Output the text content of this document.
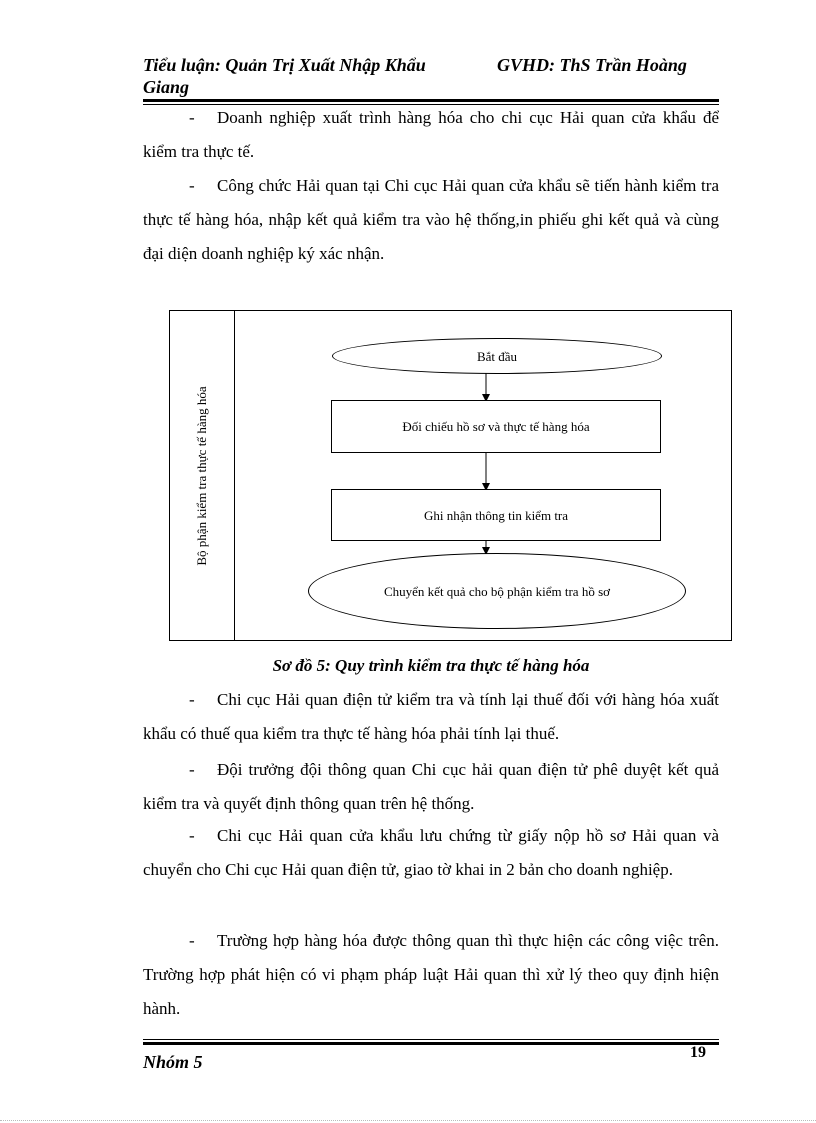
Tiểu luận: Quản Trị Xuất Nhập Khẩu	GVHD: ThS Trần Hoàng
Giang
- Doanh nghiệp xuất trình hàng hóa cho chi cục Hải quan cửa khẩu để kiểm tra thực tế.
- Công chức Hải quan tại Chi cục Hải quan cửa khẩu sẽ tiến hành kiểm tra thực tế hàng hóa, nhập kết quả kiểm tra vào hệ thống,in phiếu ghi kết quả và cùng đại diện doanh nghiệp ký xác nhận.
Bộ phận kiểm tra thực tế hàng hóa
Bắt đầu
Đối chiếu hồ sơ và thực tế hàng hóa
Ghi nhận thông tin kiểm tra
Chuyển kết quả cho bộ phận kiểm tra hồ sơ
Sơ đồ 5: Quy trình kiểm tra thực tế hàng hóa
- Chi cục Hải quan điện tử kiểm tra và tính lại thuế đối với hàng hóa xuất khẩu có thuế qua kiểm tra thực tế hàng hóa phải tính lại thuế.
- Đội trưởng đội thông quan Chi cục hải quan điện tử phê duyệt kết quả kiểm tra và quyết định thông quan trên hệ thống.
- Chi cục Hải quan cửa khẩu lưu chứng từ giấy nộp hồ sơ Hải quan và chuyển cho Chi cục Hải quan điện tử, giao tờ khai in 2 bản cho doanh nghiệp.
- Trường hợp hàng hóa được thông quan thì thực hiện các công việc trên. Trường hợp phát hiện có vi phạm pháp luật Hải quan thì xử lý theo quy định hiện hành.
Nhóm 5	19
